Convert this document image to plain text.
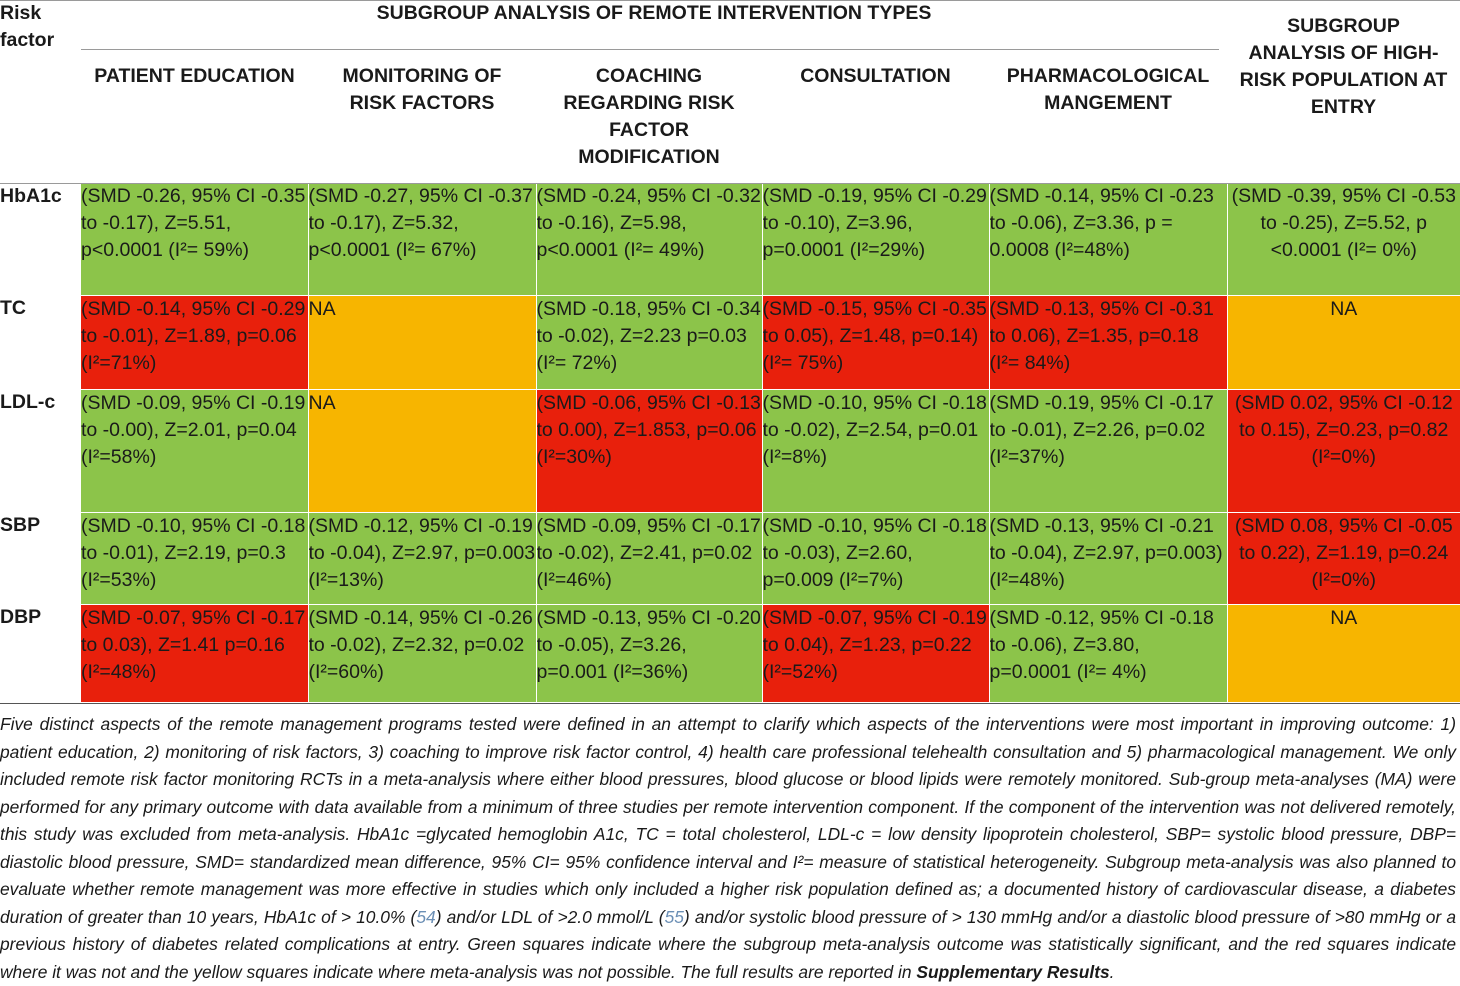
Risk factor	SUBGROUP ANALYSIS OF REMOTE INTERVENTION TYPES					SUBGROUP ANALYSIS OF HIGH-RISK POPULATION AT ENTRY

	PATIENT EDUCATION	MONITORING OF RISK FACTORS	COACHING REGARDING RISK FACTOR MODIFICATION	CONSULTATION	PHARMACOLOGICAL MANGEMENT	

HbA1c	(SMD -0.26, 95% CI -0.35 to -0.17), Z=5.51, p<0.0001 (I²= 59%)	(SMD -0.27, 95% CI -0.37 to -0.17), Z=5.32, p<0.0001 (I²= 67%)	(SMD -0.24, 95% CI -0.32 to -0.16), Z=5.98, p<0.0001 (I²= 49%)	(SMD -0.19, 95% CI -0.29 to -0.10), Z=3.96, p=0.0001 (I²=29%)	(SMD -0.14, 95% CI -0.23 to -0.06), Z=3.36, p = 0.0008 (I²=48%)	(SMD -0.39, 95% CI -0.53 to -0.25), Z=5.52, p <0.0001 (I²= 0%)

TC	(SMD -0.14, 95% CI -0.29 to -0.01), Z=1.89, p=0.06 (I²=71%)	NA	(SMD -0.18, 95% CI -0.34 to -0.02), Z=2.23 p=0.03 (I²= 72%)	(SMD -0.15, 95% CI -0.35 to 0.05), Z=1.48, p=0.14) (I²= 75%)	(SMD -0.13, 95% CI -0.31 to 0.06), Z=1.35, p=0.18 (I²= 84%)	NA

LDL-c	(SMD -0.09, 95% CI -0.19 to -0.00), Z=2.01, p=0.04 (I²=58%)	NA	(SMD -0.06, 95% CI -0.13 to 0.00), Z=1.853, p=0.06 (I²=30%)	(SMD -0.10, 95% CI -0.18 to -0.02), Z=2.54, p=0.01 (I²=8%)	(SMD -0.19, 95% CI -0.17 to -0.01), Z=2.26, p=0.02 (I²=37%)	(SMD 0.02, 95% CI -0.12 to 0.15), Z=0.23, p=0.82 (I²=0%)

SBP	(SMD -0.10, 95% CI -0.18 to -0.01), Z=2.19, p=0.3 (I²=53%)	(SMD -0.12, 95% CI -0.19 to -0.04), Z=2.97, p=0.003 (I²=13%)	(SMD -0.09, 95% CI -0.17 to -0.02), Z=2.41, p=0.02 (I²=46%)	(SMD -0.10, 95% CI -0.18 to -0.03), Z=2.60, p=0.009 (I²=7%)	(SMD -0.13, 95% CI -0.21 to -0.04), Z=2.97, p=0.003) (I²=48%)	(SMD 0.08, 95% CI -0.05 to 0.22), Z=1.19, p=0.24 (I²=0%)

DBP	(SMD -0.07, 95% CI -0.17 to 0.03), Z=1.41 p=0.16 (I²=48%)	(SMD -0.14, 95% CI -0.26 to -0.02), Z=2.32, p=0.02 (I²=60%)	(SMD -0.13, 95% CI -0.20 to -0.05), Z=3.26, p=0.001 (I²=36%)	(SMD -0.07, 95% CI -0.19 to 0.04), Z=1.23, p=0.22 (I²=52%)	(SMD -0.12, 95% CI -0.18 to -0.06), Z=3.80, p=0.0001 (I²= 4%)	NA
Five distinct aspects of the remote management programs tested were defined in an attempt to clarify which aspects of the interventions were most important in improving outcome: 1) patient education, 2) monitoring of risk factors, 3) coaching to improve risk factor control, 4) health care professional telehealth consultation and 5) pharmacological management. We only included remote risk factor monitoring RCTs in a meta-analysis where either blood pressures, blood glucose or blood lipids were remotely monitored. Sub-group meta-analyses (MA) were performed for any primary outcome with data available from a minimum of three studies per remote intervention component. If the component of the intervention was not delivered remotely, this study was excluded from meta-analysis. HbA1c =glycated hemoglobin A1c, TC = total cholesterol, LDL-c = low density lipoprotein cholesterol, SBP= systolic blood pressure, DBP= diastolic blood pressure, SMD= standardized mean difference, 95% CI= 95% confidence interval and I²= measure of statistical heterogeneity. Subgroup meta-analysis was also planned to evaluate whether remote management was more effective in studies which only included a higher risk population defined as; a documented history of cardiovascular disease, a diabetes duration of greater than 10 years, HbA1c of > 10.0% (54) and/or LDL of >2.0 mmol/L (55) and/or systolic blood pressure of > 130 mmHg and/or a diastolic blood pressure of >80 mmHg or a previous history of diabetes related complications at entry. Green squares indicate where the subgroup meta-analysis outcome was statistically significant, and the red squares indicate where it was not and the yellow squares indicate where meta-analysis was not possible. The full results are reported in Supplementary Results.
